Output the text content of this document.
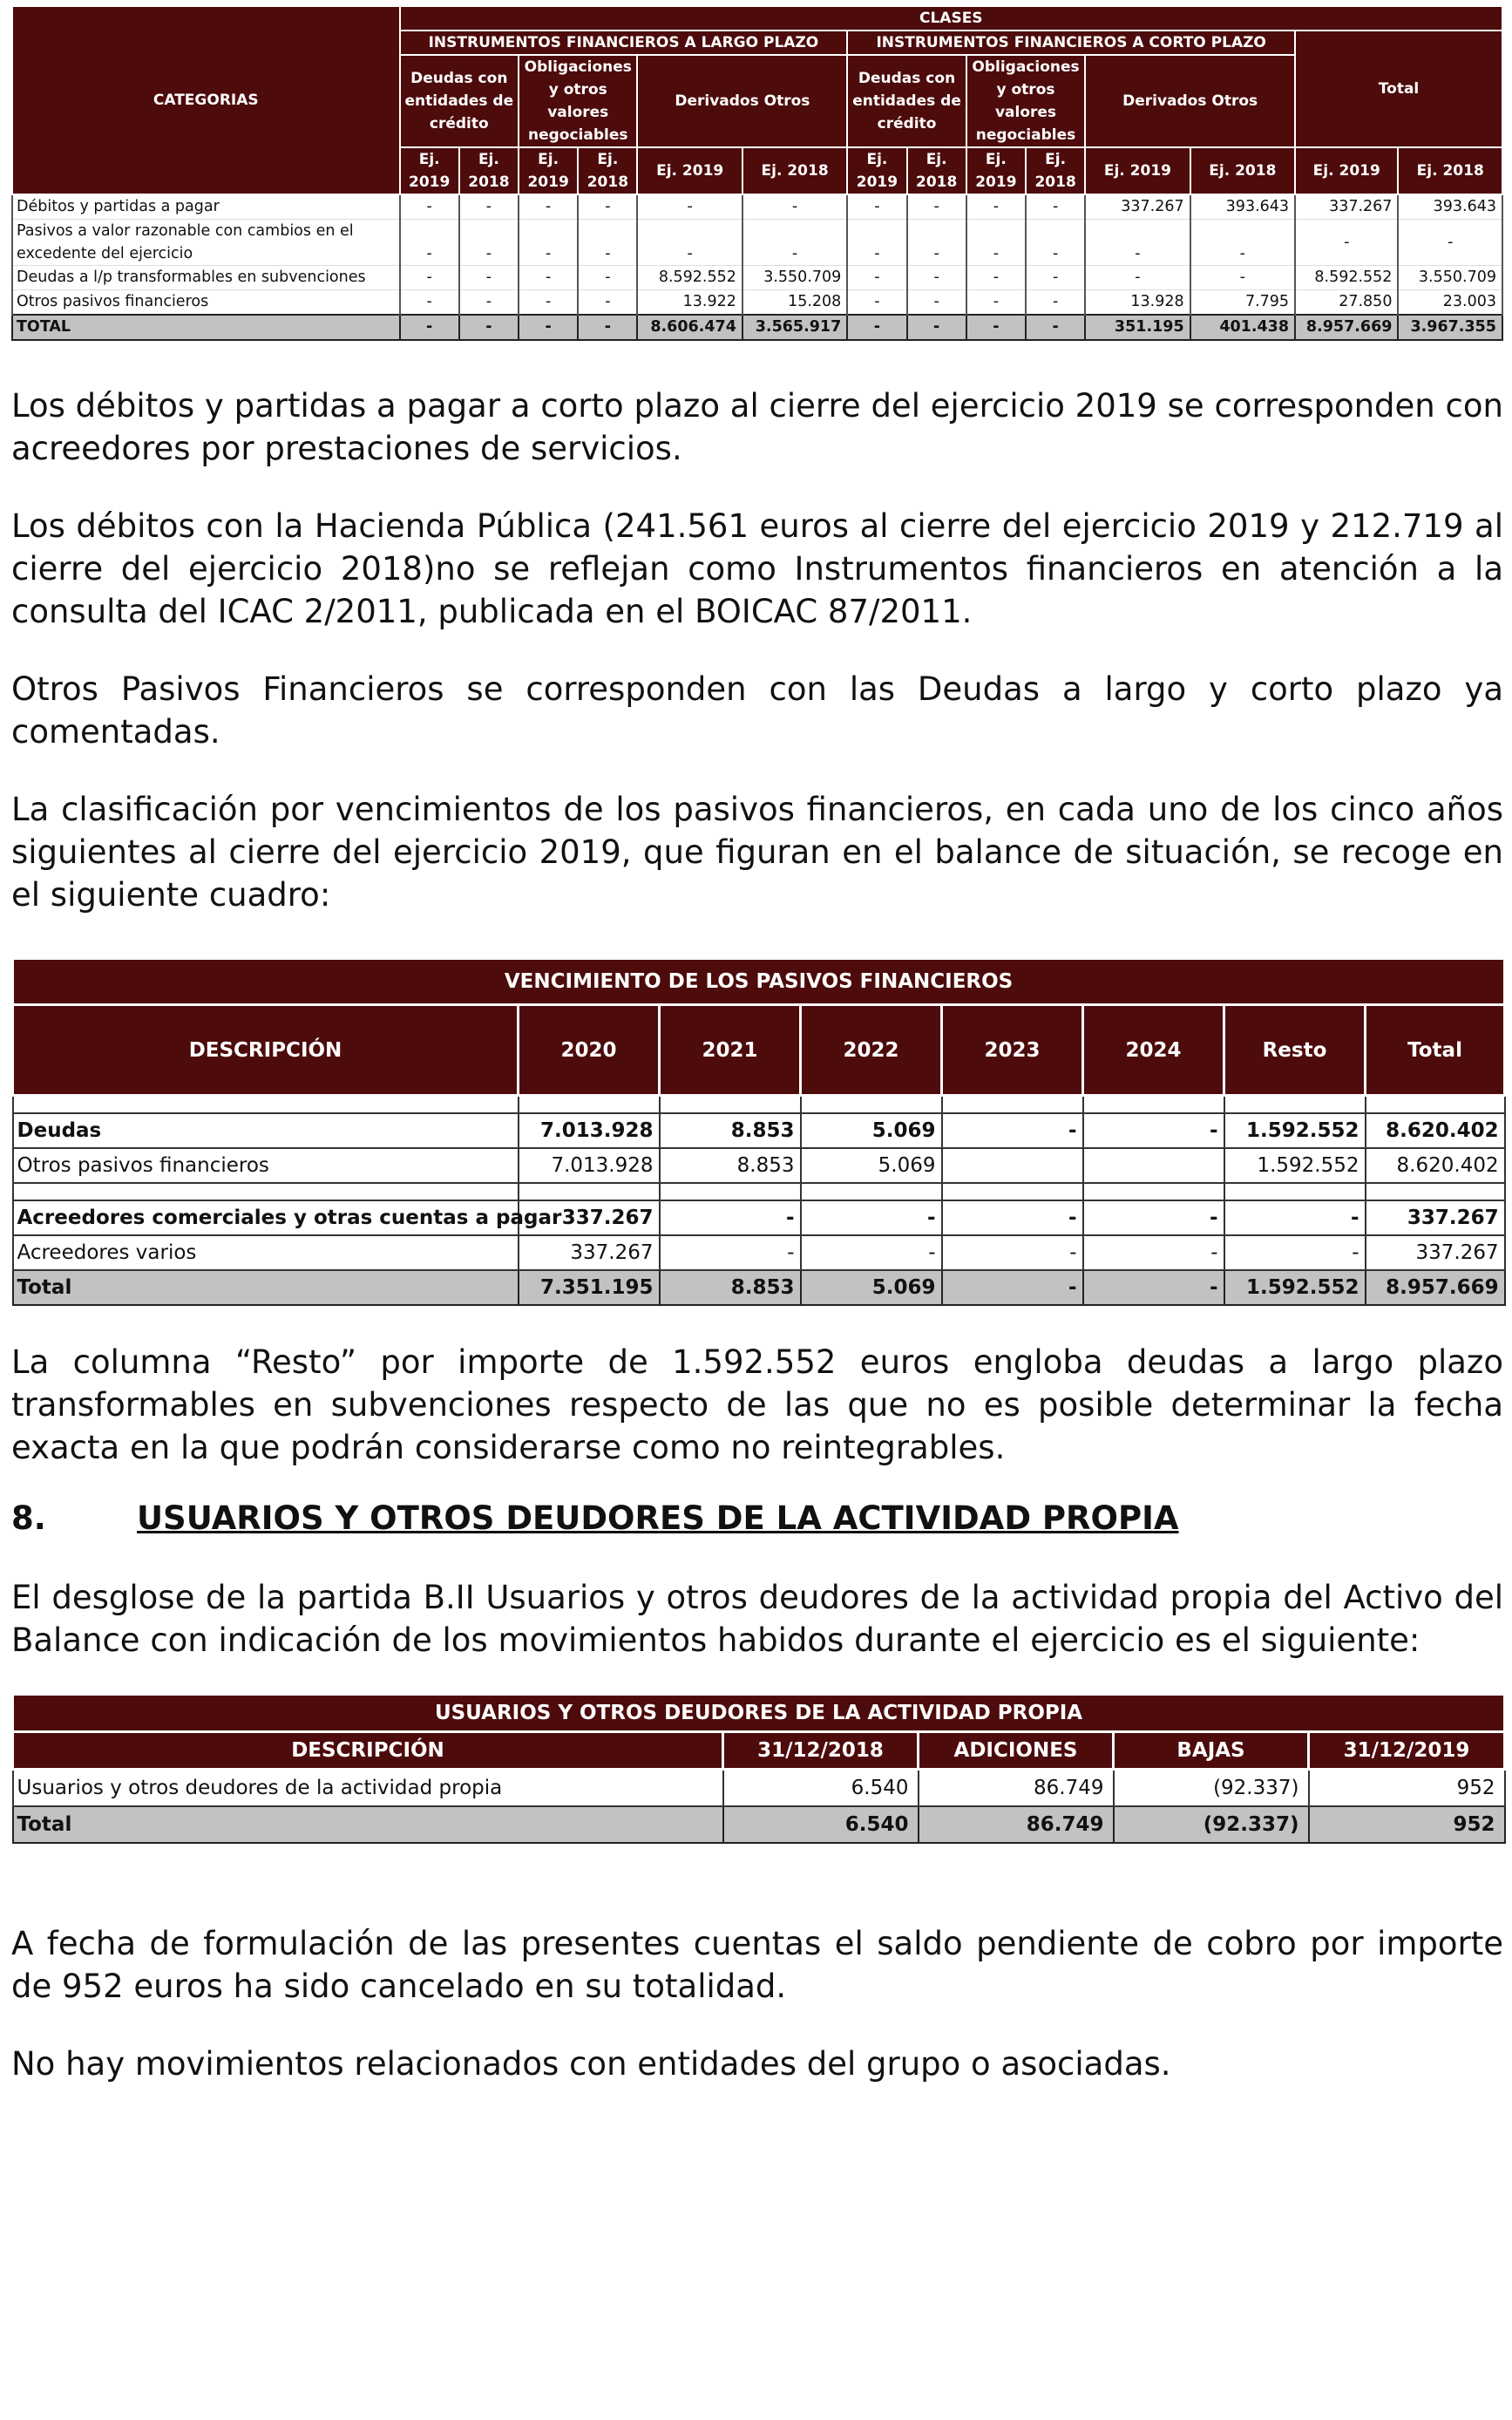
CATEGORIAS	CLASES													
	INSTRUMENTOS FINANCIEROS A LARGO PLAZO						INSTRUMENTOS FINANCIEROS A CORTO PLAZO						Total	
	Deudas con entidades de crédito		Obligaciones y otros valores negociables		Derivados Otros		Deudas con entidades de crédito		Obligaciones y otros valores negociables		Derivados Otros			
	Ej. 2019	Ej. 2018	Ej. 2019	Ej. 2018	Ej. 2019	Ej. 2018	Ej. 2019	Ej. 2018	Ej. 2019	Ej. 2018	Ej. 2019	Ej. 2018	Ej. 2019	Ej. 2018
Débitos y partidas a pagar	-	-	-	-	-	-	-	-	-	-	337.267	393.643	337.267	393.643
Pasivos a valor razonable con cambios en el excedente del ejercicio	-	-	-	-	-	-	-	-	-	-	-	-	-	-
Deudas a l/p transformables en subvenciones	-	-	-	-	8.592.552	3.550.709	-	-	-	-	-	-	8.592.552	3.550.709
Otros pasivos financieros	-	-	-	-	13.922	15.208	-	-	-	-	13.928	7.795	27.850	23.003
TOTAL	-	-	-	-	8.606.474	3.565.917	-	-	-	-	351.195	401.438	8.957.669	3.967.355

Los débitos y partidas a pagar a corto plazo al cierre del ejercicio 2019 se corresponden con acreedores por prestaciones de servicios.

Los débitos con la Hacienda Pública (241.561 euros al cierre del ejercicio 2019 y 212.719 al cierre del ejercicio 2018)no se reflejan como Instrumentos financieros en atención a la consulta del ICAC 2/2011, publicada en el BOICAC 87/2011.

Otros Pasivos Financieros se corresponden con las Deudas a largo y corto plazo ya comentadas.

La clasificación por vencimientos de los pasivos financieros, en cada uno de los cinco años siguientes al cierre del ejercicio 2019, que figuran en el balance de situación, se recoge en el siguiente cuadro:

VENCIMIENTO DE LOS PASIVOS FINANCIEROS							
DESCRIPCIÓN	2020	2021	2022	2023	2024	Resto	Total

Deudas	7.013.928	8.853	5.069	-	-	1.592.552	8.620.402
Otros pasivos financieros	7.013.928	8.853	5.069			1.592.552	8.620.402

Acreedores comerciales y otras cuentas a pagar	337.267	-	-	-	-	-	337.267
Acreedores varios	337.267	-	-	-	-	-	337.267
Total	7.351.195	8.853	5.069	-	-	1.592.552	8.957.669

La columna “Resto” por importe de 1.592.552 euros engloba deudas a largo plazo transformables en subvenciones respecto de las que no es posible determinar la fecha exacta en la que podrán considerarse como no reintegrables.

8.	USUARIOS Y OTROS DEUDORES DE LA ACTIVIDAD PROPIA

El desglose de la partida B.II Usuarios y otros deudores de la actividad propia del Activo del Balance con indicación de los movimientos habidos durante el ejercicio es el siguiente:

USUARIOS Y OTROS DEUDORES DE LA ACTIVIDAD PROPIA				
DESCRIPCIÓN	31/12/2018	ADICIONES	BAJAS	31/12/2019
Usuarios y otros deudores de la actividad propia	6.540	86.749	(92.337)	952
Total	6.540	86.749	(92.337)	952

A fecha de formulación de las presentes cuentas el saldo pendiente de cobro por importe de 952 euros ha sido cancelado en su totalidad.

No hay movimientos relacionados con entidades del grupo o asociadas.
